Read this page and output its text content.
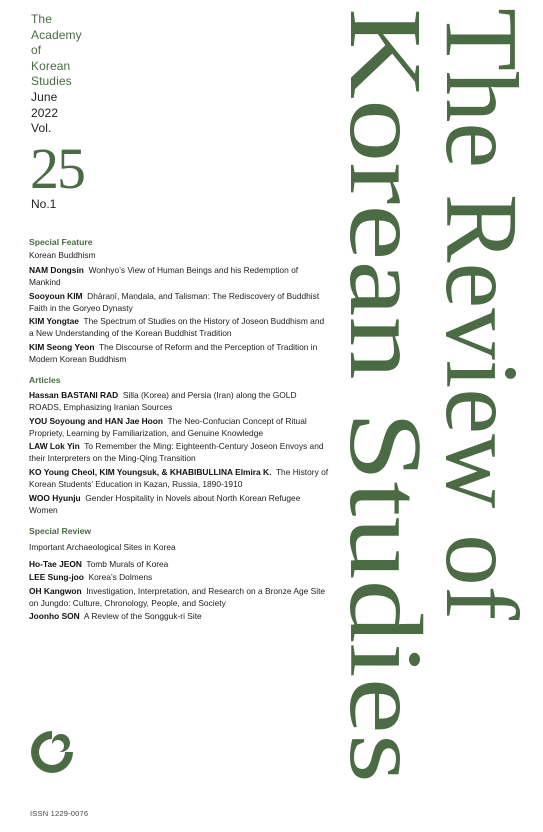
The
Academy
of
Korean
Studies
June
2022
Vol.
25
No.1
Special Feature
Korean Buddhism
NAM Dongsin Wonhyo’s View of Human Beings and his Redemption of Mankind
Sooyoun KIM Dhāraṇī, Maṇḍala, and Talisman: The Rediscovery of Buddhist Faith in the Goryeo Dynasty
KIM Yongtae The Spectrum of Studies on the History of Joseon Buddhism and a New Understanding of the Korean Buddhist Tradition
KIM Seong Yeon The Discourse of Reform and the Perception of Tradition in Modern Korean Buddhism
Articles
Hassan BASTANI RAD Silla (Korea) and Persia (Iran) along the GOLD ROADS, Emphasizing Iranian Sources
YOU Soyoung and HAN Jae Hoon The Neo-Confucian Concept of Ritual Propriety, Learning by Familiarization, and Genuine Knowledge
LAW Lok Yin To Remember the Ming: Eighteenth-Century Joseon Envoys and their Interpreters on the Ming-Qing Transition
KO Young Cheol, KIM Youngsuk, & KHABIBULLINA Elmira K. The History of Korean Students’ Education in Kazan, Russia, 1890-1910
WOO Hyunju Gender Hospitality in Novels about North Korean Refugee Women
Special Review
Important Archaeological Sites in Korea
Ho-Tae JEON Tomb Murals of Korea
LEE Sung-joo Korea’s Dolmens
OH Kangwon Investigation, Interpretation, and Research on a Bronze Age Site on Jungdo: Culture, Chronology, People, and Society
Joonho SON A Review of the Songguk-ri Site	The Review of
Korean Studies
ISSN 1229-0076
